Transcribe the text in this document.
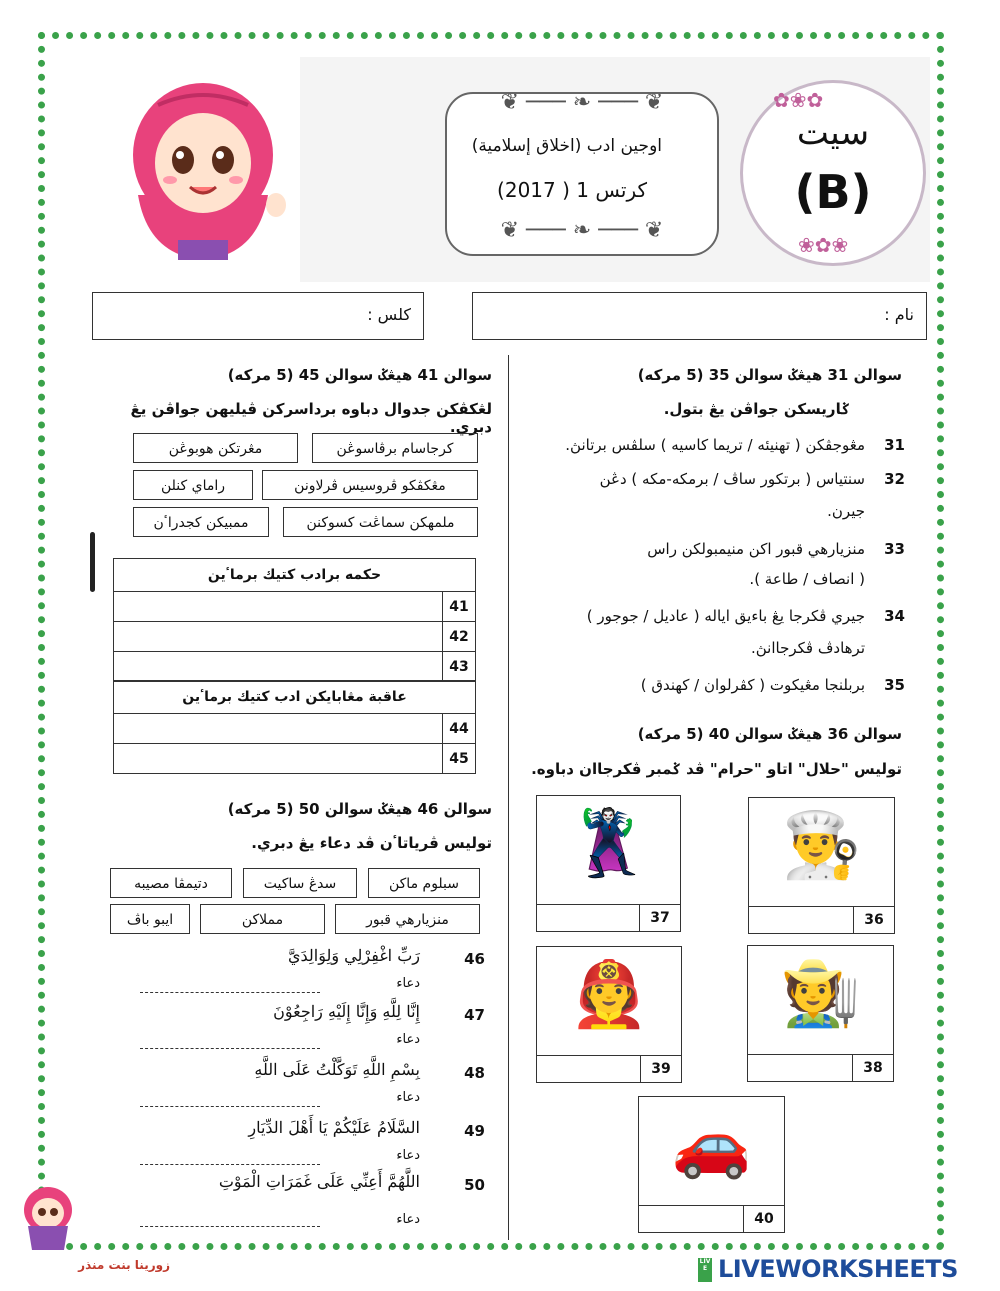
❦ ─── ❧ ─── ❦
اوجين ادب (اخلاق إسلامية)
كرتس 1 ( 2017)
❦ ─── ❧ ─── ❦
✿❀✿
❀✿❀
سيت
(B)
نام :
كلس :
سوالن 31 هيڠݢ سوالن 35 (5 مركه)
ݢاريسكن جواڤن يڠ بتول.
31
مڠوجڤكن ( تهنيئه / تريما كاسيه ) سلڤس برتانڽ.
32
سنتياس ( برتكور ساڤ / برمكه-مكه ) دڠن
جيرن.
33
منزيارهي قبور اكن منيمبولكن راس
( انصاف / طاعة ).
34
جيري ڤكرجا يڠ باءيق اياله ( عاديل / جوجور )
ترهادڤ ڤكرجاانڽ.
35
بربلنجا مڠيكوت ( كڤرلوان / كهندق )
سوالن 36 هيڠݢ سوالن 40 (5 مركه)
توليس "حلال" اتاو "حرام" ڤد ݢمبر ڤكرجاان دباوه.
👨‍🍳
36
🦹
37
🧑‍🌾
38
🧑‍🚒
39
🚗
40
سوالن 41 هيڠݢ سوالن 45 (5 مركه)
لڠكڤكن جدوال دباوه برداسركن ڤيليهن جواڤن يڠ دبري.
كرجاسام برڤاسوڠن
مڠرتكن هوبوڠن
مڠكڤكو ڤروسيس ڤرلاونن
راماي كنلن
ملمهكن سماڠت كسوكنن
ممبيكن كجدراٴن
حكمه برادب كتيك برماٴين	
	41
	42
	43
عاقبة مڠابايكن ادب كتيك برماٴين	
	44
	45
سوالن 46 هيڠݢ سوالن 50 (5 مركه)
توليس ڤرياتاٴن ڤد دعاء يڠ دبري.
سبلوم ماكن
سدڠ ساكيت
دتيمڤا مصيبه
منزيارهي قبور
مملاكن
ايبو باڤ
46
رَبِّ اغْفِرْلِي وَلِوَالِدَيَّ
دعاء
47
إِنَّا لِلَّهِ وَإِنَّا إِلَيْهِ رَاجِعُوْنَ
دعاء
48
بِسْمِ اللَّهِ تَوَكَّلْتُ عَلَى اللَّهِ
دعاء
49
السَّلَامُ عَلَيْكُمْ يَا أَهْلَ الدِّيَارِ
دعاء
50
اللَّهُمَّ أَعِنِّي عَلَى غَمَرَاتِ الْمَوْتِ
دعاء
زورينا بنت منذر	LIVE LIVEWORKSHEETS
